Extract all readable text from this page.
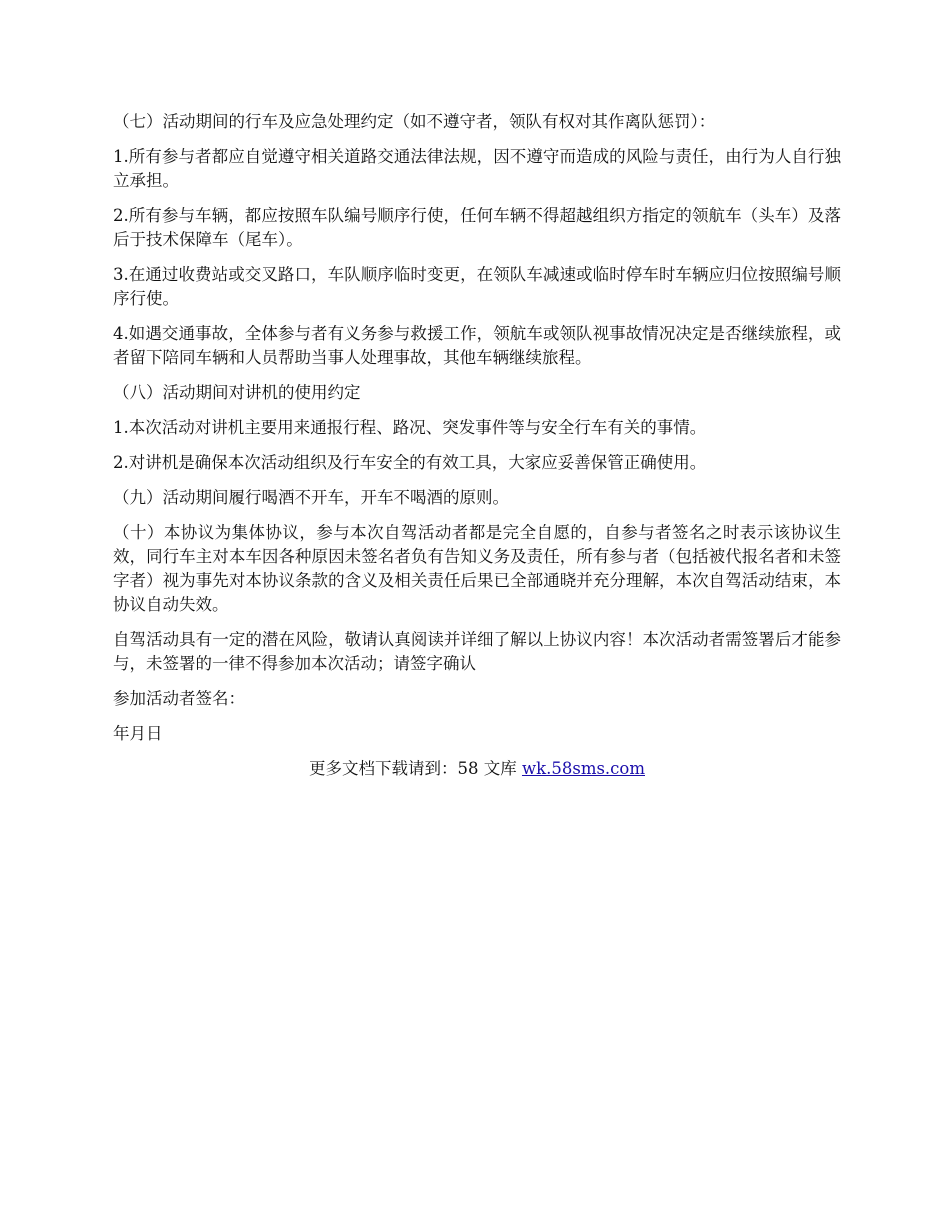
（七）活动期间的行车及应急处理约定（如不遵守者，领队有权对其作离队惩罚）：

1.所有参与者都应自觉遵守相关道路交通法律法规，因不遵守而造成的风险与责任，由行为人自行独立承担。

2.所有参与车辆，都应按照车队编号顺序行使，任何车辆不得超越组织方指定的领航车（头车）及落后于技术保障车（尾车）。

3.在通过收费站或交叉路口，车队顺序临时变更，在领队车减速或临时停车时车辆应归位按照编号顺序行使。

4.如遇交通事故，全体参与者有义务参与救援工作，领航车或领队视事故情况决定是否继续旅程，或者留下陪同车辆和人员帮助当事人处理事故，其他车辆继续旅程。

（八）活动期间对讲机的使用约定

1.本次活动对讲机主要用来通报行程、路况、突发事件等与安全行车有关的事情。

2.对讲机是确保本次活动组织及行车安全的有效工具，大家应妥善保管正确使用。

（九）活动期间履行喝酒不开车，开车不喝酒的原则。

（十）本协议为集体协议，参与本次自驾活动者都是完全自愿的，自参与者签名之时表示该协议生效，同行车主对本车因各种原因未签名者负有告知义务及责任，所有参与者（包括被代报名者和未签字者）视为事先对本协议条款的含义及相关责任后果已全部通晓并充分理解，本次自驾活动结束，本协议自动失效。

自驾活动具有一定的潜在风险，敬请认真阅读并详细了解以上协议内容！本次活动者需签署后才能参与，未签署的一律不得参加本次活动；请签字确认

参加活动者签名：

年月日

更多文档下载请到：58 文库 wk.58sms.com
